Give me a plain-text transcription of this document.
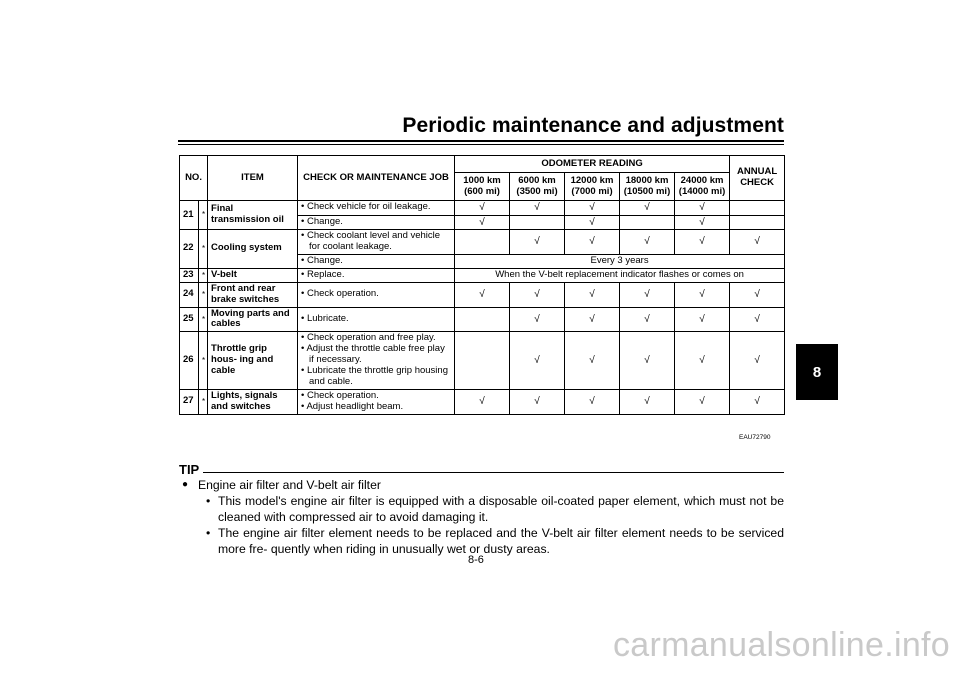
Periodic maintenance and adjustment
8
NO.		ITEM	CHECK OR MAINTENANCE JOB	ODOMETER READING					ANNUAL CHECK
				1000 km (600 mi)	6000 km (3500 mi)	12000 km (7000 mi)	18000 km (10500 mi)	24000 km (14000 mi)	
21	*	Final transmission oil	• Check vehicle for oil leakage.	√	√	√	√	√	

			• Change.	√		√		√	
22	*	Cooling system	• Check coolant level and vehicle for coolant leakage.		√	√	√	√	√

			• Change.	Every 3 years					
23	*	V-belt	• Replace.	When the V-belt replacement indicator flashes or comes on					
24	*	Front and rear brake switches	• Check operation.	√	√	√	√	√	√
25	*	Moving parts and cables	• Lubricate.		√	√	√	√	√
26	*	Throttle grip hous- ing and cable	• Check operation and free play.
• Adjust the throttle cable free play if necessary.
• Lubricate the throttle grip housing and cable.		√	√	√	√	√
27	*	Lights, signals and switches	• Check operation.
• Adjust headlight beam.	√	√	√	√	√	√
EAU72790
TIP
● Engine air filter and V-belt air filter
• This model's engine air filter is equipped with a disposable oil-coated paper element, which must not be cleaned with compressed air to avoid damaging it.
• The engine air filter element needs to be replaced and the V-belt air filter element needs to be serviced more fre- quently when riding in unusually wet or dusty areas.
8-6
carmanualsonline.info
